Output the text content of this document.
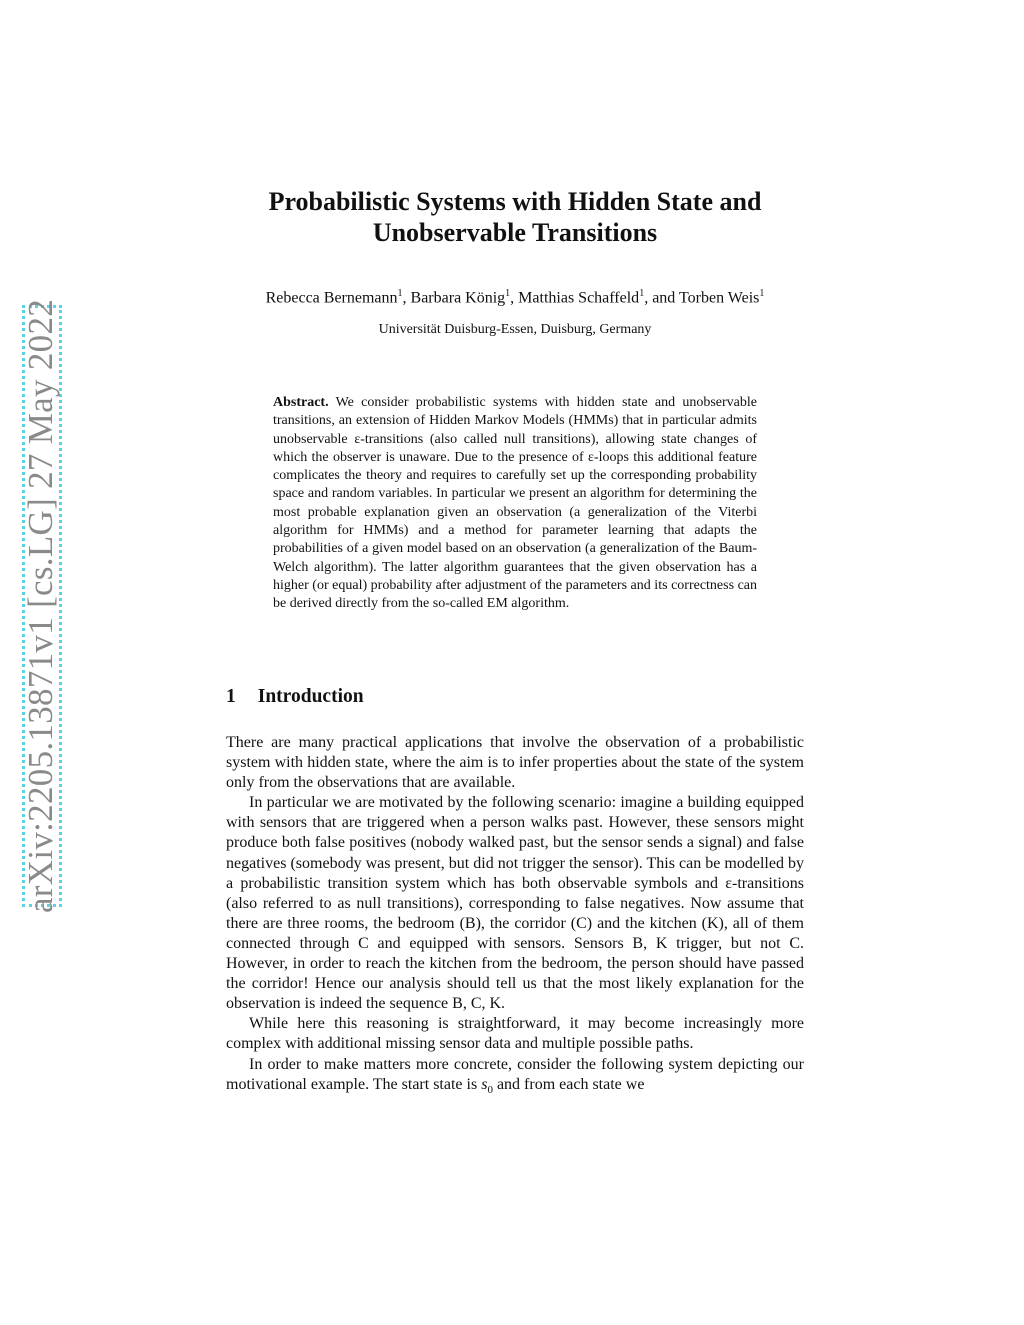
arXiv:2205.13871v1 [cs.LG] 27 May 2022
Probabilistic Systems with Hidden State and
Unobservable Transitions
Rebecca Bernemann$^1$, Barbara König$^1$, Matthias Schaffeld$^1$, and Torben Weis$^1$
Universität Duisburg-Essen, Duisburg, Germany
Abstract. We consider probabilistic systems with hidden state and unobservable transitions, an extension of Hidden Markov Models (HMMs) that in particular admits unobservable ε-transitions (also called null transitions), allowing state changes of which the observer is unaware. Due to the presence of ε-loops this additional feature complicates the theory and requires to carefully set up the corresponding probability space and random variables. In particular we present an algorithm for determining the most probable explanation given an observation (a generalization of the Viterbi algorithm for HMMs) and a method for parameter learning that adapts the probabilities of a given model based on an observation (a generalization of the Baum-Welch algorithm). The latter algorithm guarantees that the given observation has a higher (or equal) probability after adjustment of the parameters and its correctness can be derived directly from the so-called EM algorithm.
1 Introduction

There are many practical applications that involve the observation of a probabilistic system with hidden state, where the aim is to infer properties about the state of the system only from the observations that are available.

In particular we are motivated by the following scenario: imagine a building equipped with sensors that are triggered when a person walks past. However, these sensors might produce both false positives (nobody walked past, but the sensor sends a signal) and false negatives (somebody was present, but did not trigger the sensor). This can be modelled by a probabilistic transition system which has both observable symbols and ε-transitions (also referred to as null transitions), corresponding to false negatives. Now assume that there are three rooms, the bedroom (B), the corridor (C) and the kitchen (K), all of them connected through C and equipped with sensors. Sensors B, K trigger, but not C. However, in order to reach the kitchen from the bedroom, the person should have passed the corridor! Hence our analysis should tell us that the most likely explanation for the observation is indeed the sequence B, C, K.

While here this reasoning is straightforward, it may become increasingly more complex with additional missing sensor data and multiple possible paths.

In order to make matters more concrete, consider the following system depicting our motivational example. The start state is $s_0$ and from each state we
